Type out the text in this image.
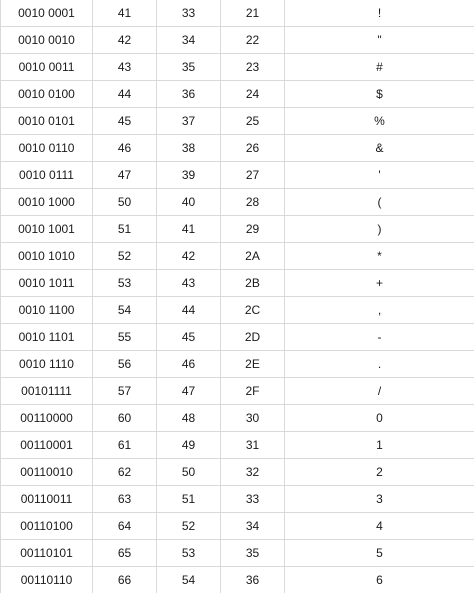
0010 0001	41	33	21	!
0010 0010	42	34	22	"
0010 0011	43	35	23	#
0010 0100	44	36	24	$
0010 0101	45	37	25	%
0010 0110	46	38	26	&
0010 0111	47	39	27	'
0010 1000	50	40	28	(
0010 1001	51	41	29	)
0010 1010	52	42	2A	*
0010 1011	53	43	2B	+
0010 1100	54	44	2C	,
0010 1101	55	45	2D	-
0010 1110	56	46	2E	.
00101111	57	47	2F	/
00110000	60	48	30	0
00110001	61	49	31	1
00110010	62	50	32	2
00110011	63	51	33	3
00110100	64	52	34	4
00110101	65	53	35	5
00110110	66	54	36	6
